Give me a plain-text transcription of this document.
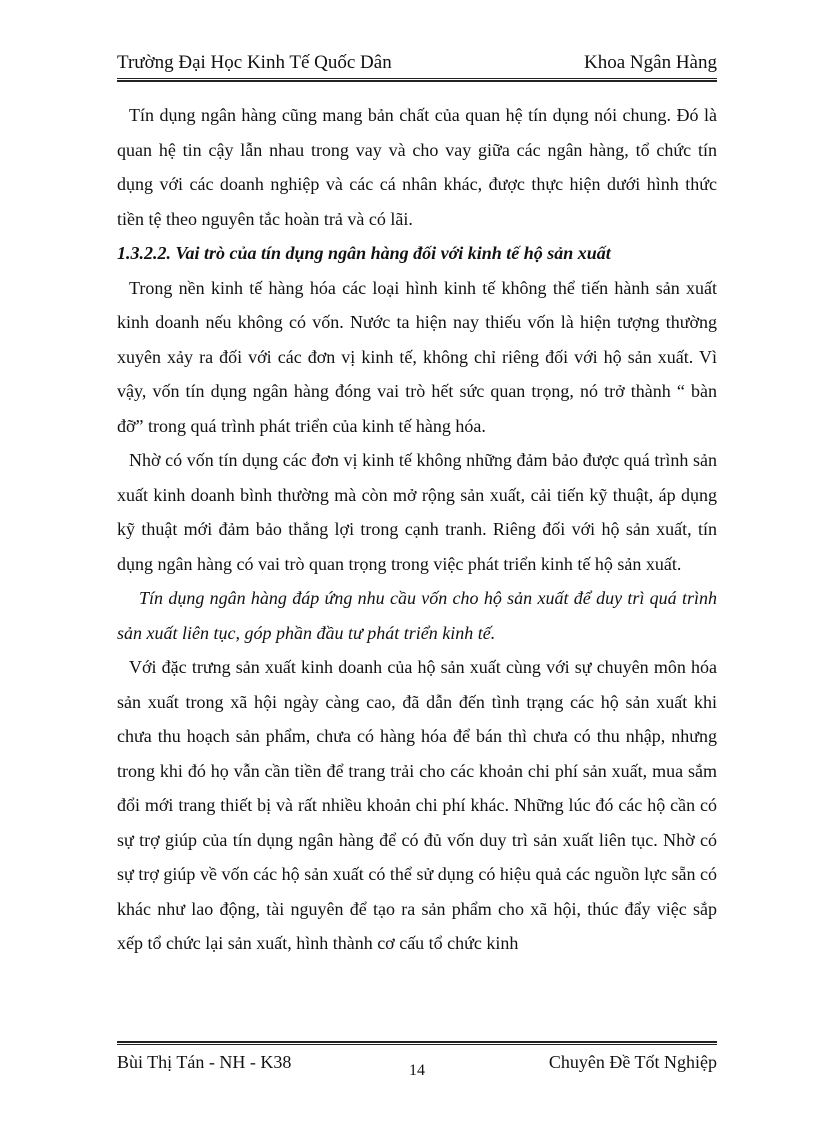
Trường Đại Học Kinh Tế Quốc Dân	Khoa Ngân Hàng

Tín dụng ngân hàng cũng mang bản chất của quan hệ tín dụng nói chung. Đó là quan hệ tin cậy lẫn nhau trong vay và cho vay giữa các ngân hàng, tổ chức tín dụng với các doanh nghiệp và các cá nhân khác, được thực hiện dưới hình thức tiền tệ theo nguyên tắc hoàn trả và có lãi.

1.3.2.2. Vai trò của tín dụng ngân hàng đối với kinh tế hộ sản xuất

Trong nền kinh tế hàng hóa các loại hình kinh tế không thể tiến hành sản xuất kinh doanh nếu không có vốn. Nước ta hiện nay thiếu vốn là hiện tượng thường xuyên xảy ra đối với các đơn vị kinh tế, không chỉ riêng đối với hộ sản xuất. Vì vậy, vốn tín dụng ngân hàng đóng vai trò hết sức quan trọng, nó trở thành “ bàn đỡ” trong quá trình phát triển của kinh tế hàng hóa.

Nhờ có vốn tín dụng các đơn vị kinh tế không những đảm bảo được quá trình sản xuất kinh doanh bình thường mà còn mở rộng sản xuất, cải tiến kỹ thuật, áp dụng kỹ thuật mới đảm bảo thắng lợi trong cạnh tranh. Riêng đối với hộ sản xuất, tín dụng ngân hàng có vai trò quan trọng trong việc phát triển kinh tế hộ sản xuất.

Tín dụng ngân hàng đáp ứng nhu cầu vốn cho hộ sản xuất để duy trì quá trình sản xuất liên tục, góp phần đầu tư phát triển kinh tế.

Với đặc trưng sản xuất kinh doanh của hộ sản xuất cùng với sự chuyên môn hóa sản xuất trong xã hội ngày càng cao, đã dẫn đến tình trạng các hộ sản xuất khi chưa thu hoạch sản phẩm, chưa có hàng hóa để bán thì chưa có thu nhập, nhưng trong khi đó họ vẫn cần tiền để trang trải cho các khoản chi phí sản xuất, mua sắm đổi mới trang thiết bị và rất nhiều khoản chi phí khác. Những lúc đó các hộ cần có sự trợ giúp của tín dụng ngân hàng để có đủ vốn duy trì sản xuất liên tục. Nhờ có sự trợ giúp về vốn các hộ sản xuất có thể sử dụng có hiệu quả các nguồn lực sẵn có khác như lao động, tài nguyên để tạo ra sản phẩm cho xã hội, thúc đẩy việc sắp xếp tổ chức lại sản xuất, hình thành cơ cấu tổ chức kinh

Bùi Thị Tán - NH - K38	14	Chuyên Đề Tốt Nghiệp
